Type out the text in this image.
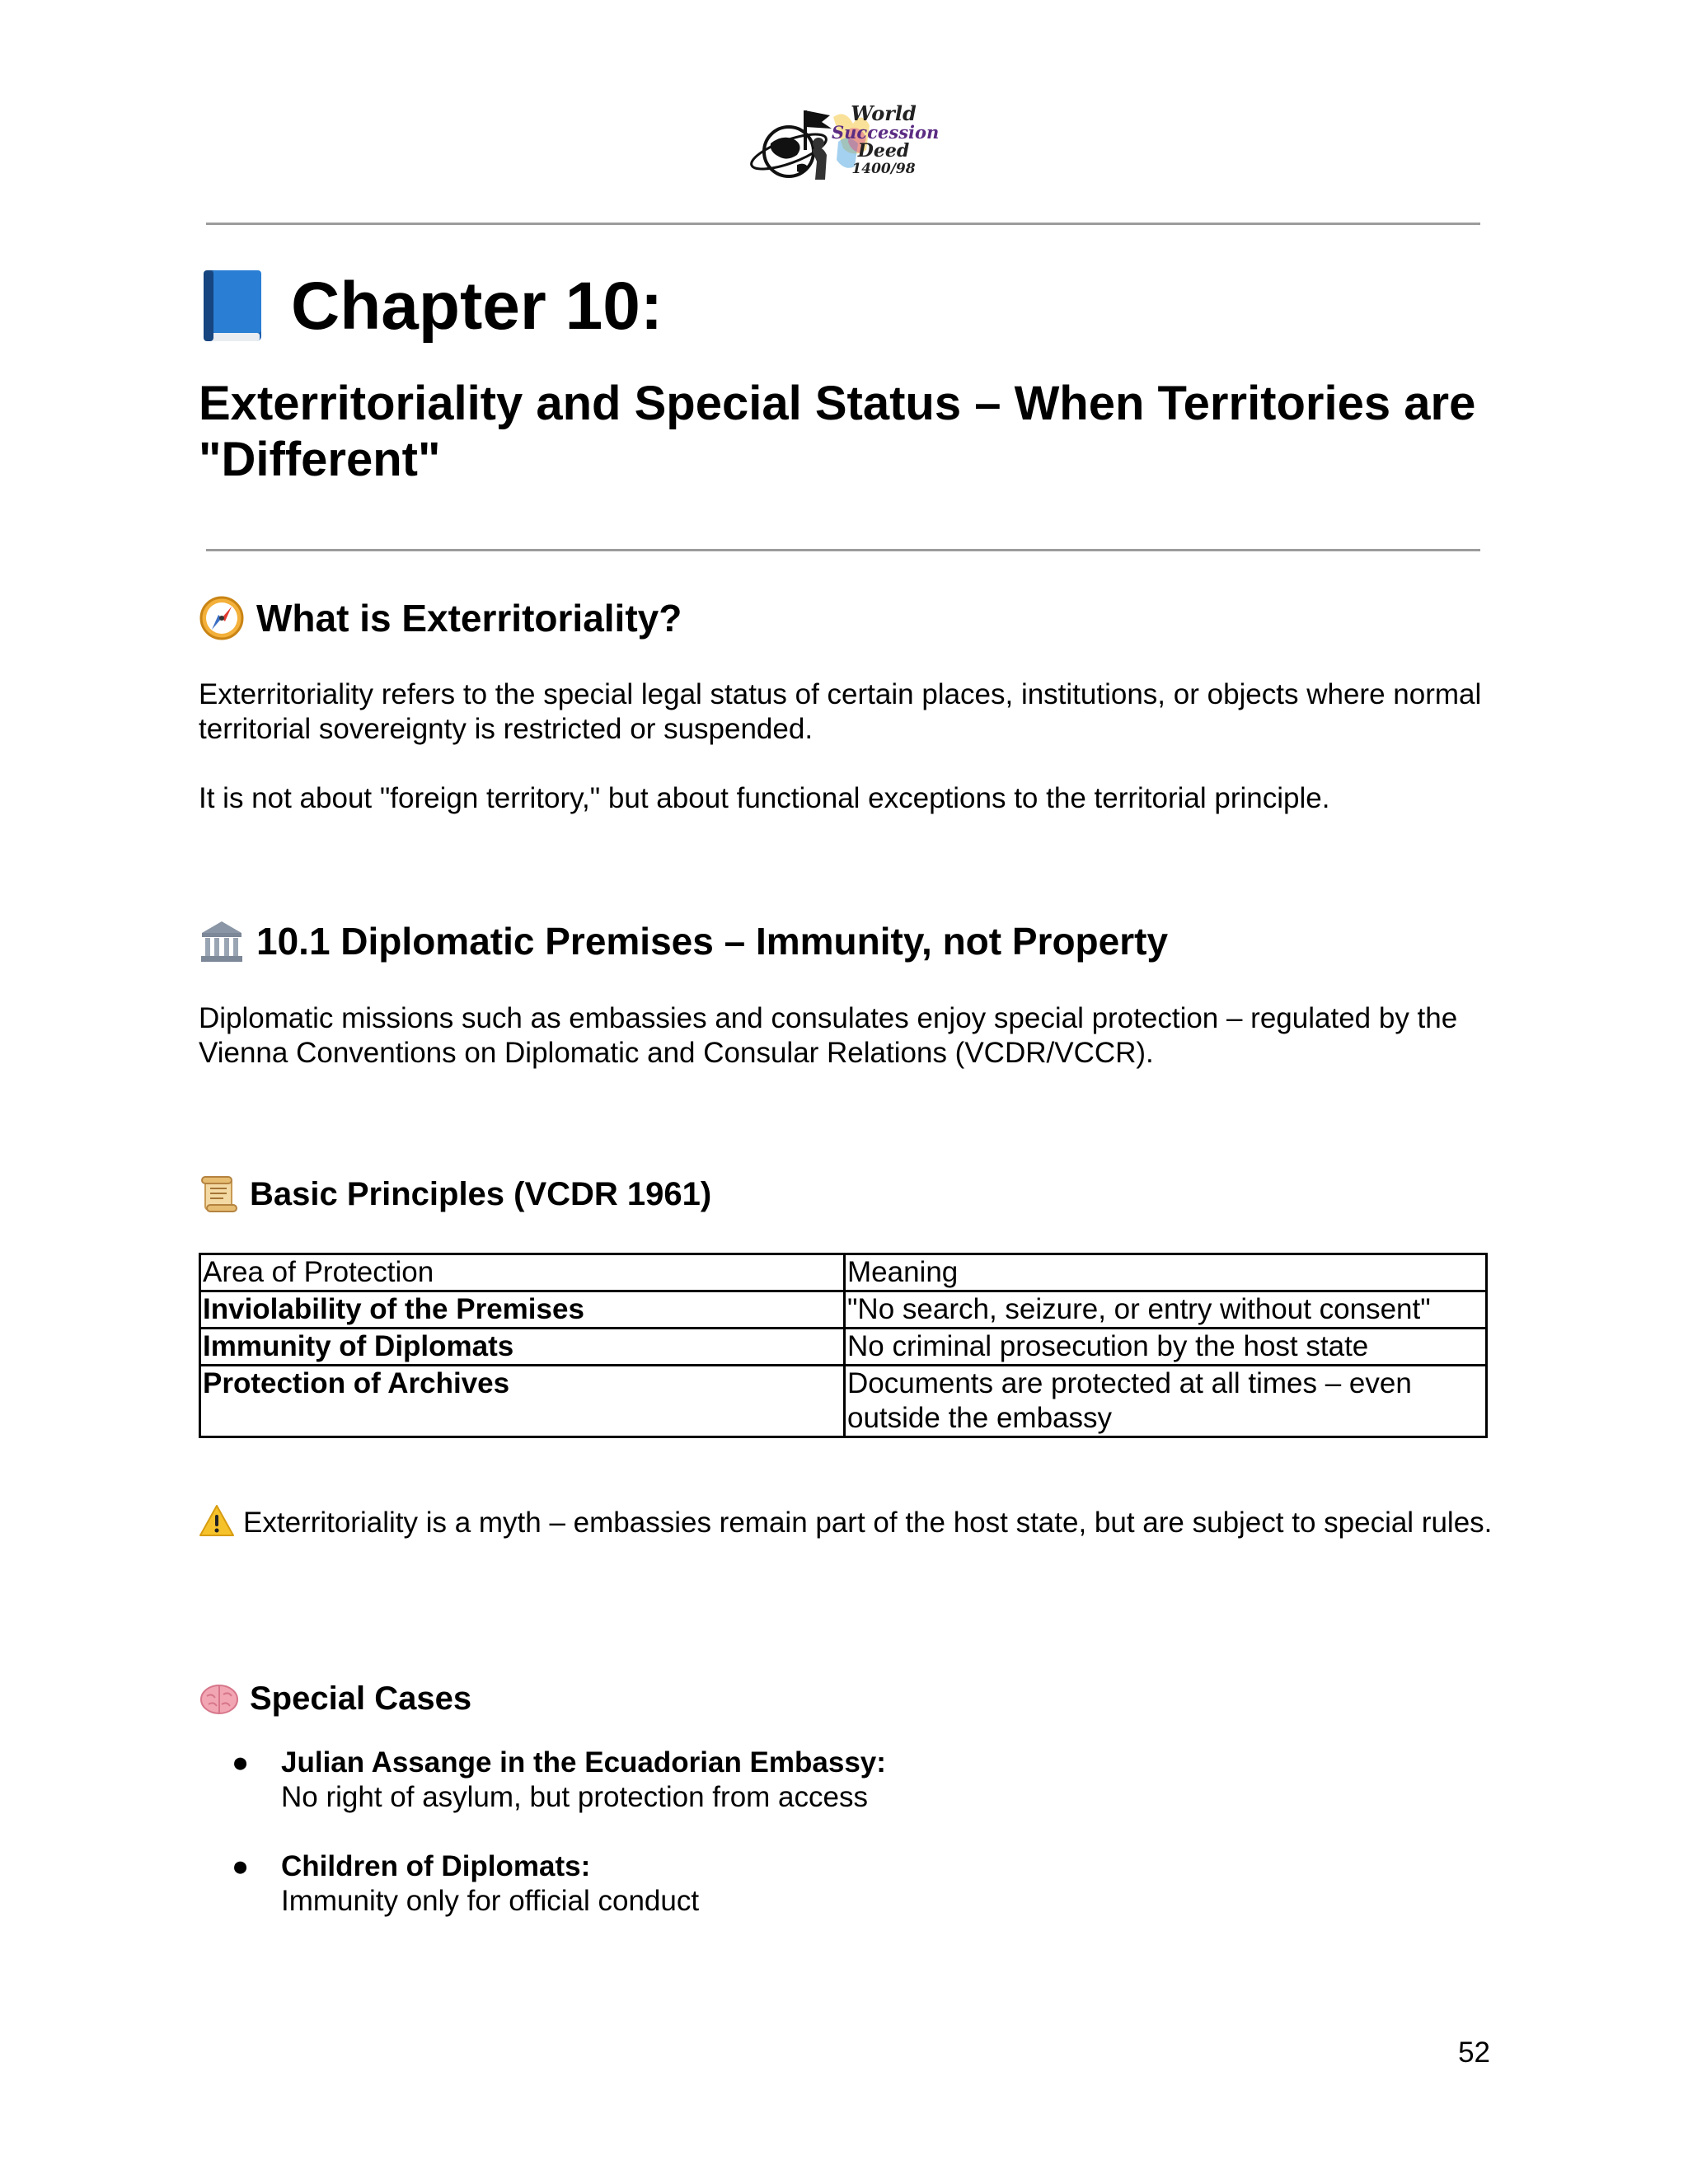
World
Succession
Deed
1400/98
Chapter 10:
Exterritoriality and Special Status – When Territories are "Different"
What is Exterritoriality?
Exterritoriality refers to the special legal status of certain places, institutions, or objects where normal territorial sovereignty is restricted or suspended.
It is not about "foreign territory," but about functional exceptions to the territorial principle.
10.1 Diplomatic Premises – Immunity, not Property
Diplomatic missions such as embassies and consulates enjoy special protection – regulated by the Vienna Conventions on Diplomatic and Consular Relations (VCDR/VCCR).
Basic Principles (VCDR 1961)
Area of Protection	Meaning
Inviolability of the Premises	"No search, seizure, or entry without consent"
Immunity of Diplomats	No criminal prosecution by the host state
Protection of Archives	Documents are protected at all times – even outside the embassy
Exterritoriality is a myth – embassies remain part of the host state, but are subject to special rules.
Special Cases
● Julian Assange in the Ecuadorian Embassy:
No right of asylum, but protection from access
● Children of Diplomats:
Immunity only for official conduct
52
